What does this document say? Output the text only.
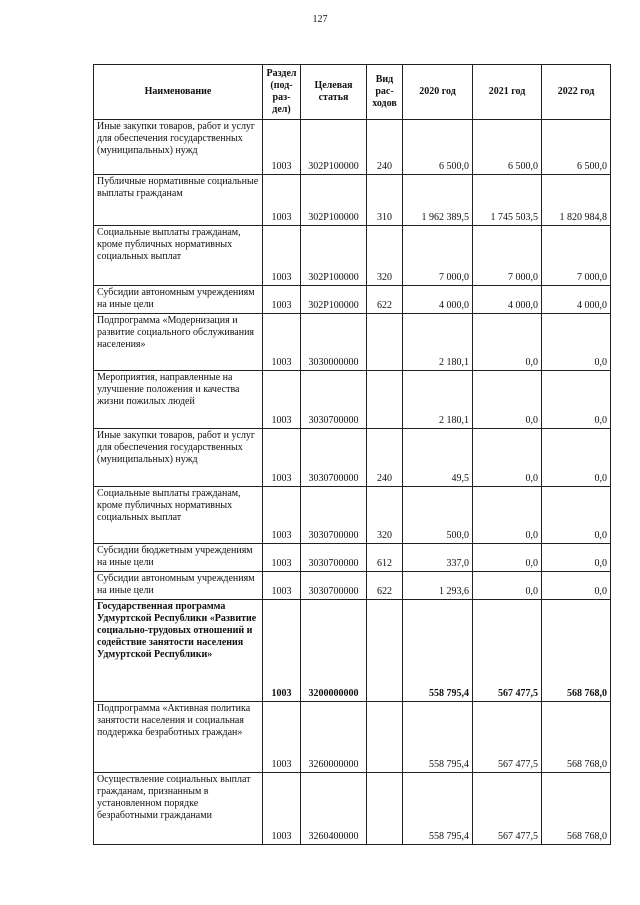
127
Наименование	Раздел (под- раз- дел)	Целевая статья	Вид рас- ходов	2020 год	2021 год	2022 год
Иные закупки товаров, работ и услуг для обеспечения государственных (муниципальных) нужд	1003	302P100000	240	6 500,0	6 500,0	6 500,0
Публичные нормативные социальные выплаты гражданам	1003	302P100000	310	1 962 389,5	1 745 503,5	1 820 984,8
Социальные выплаты гражданам, кроме публичных нормативных социальных выплат	1003	302P100000	320	7 000,0	7 000,0	7 000,0
Субсидии автономным учреждениям на иные цели	1003	302P100000	622	4 000,0	4 000,0	4 000,0
Подпрограмма «Модернизация и развитие социального обслуживания населения»	1003	3030000000		2 180,1	0,0	0,0
Мероприятия, направленные на улучшение положения и качества жизни пожилых людей	1003	3030700000		2 180,1	0,0	0,0
Иные закупки товаров, работ и услуг для обеспечения государственных (муниципальных) нужд	1003	3030700000	240	49,5	0,0	0,0
Социальные выплаты гражданам, кроме публичных нормативных социальных выплат	1003	3030700000	320	500,0	0,0	0,0
Субсидии бюджетным учреждениям на иные цели	1003	3030700000	612	337,0	0,0	0,0
Субсидии автономным учреждениям на иные цели	1003	3030700000	622	1 293,6	0,0	0,0
Государственная программа Удмуртской Республики «Развитие социально-трудовых отношений и содействие занятости населения Удмуртской Республики»	1003	3200000000		558 795,4	567 477,5	568 768,0
Подпрограмма «Активная политика занятости населения и социальная поддержка безработных граждан»	1003	3260000000		558 795,4	567 477,5	568 768,0
Осуществление социальных выплат гражданам, признанным в установленном порядке безработными гражданами	1003	3260400000		558 795,4	567 477,5	568 768,0
